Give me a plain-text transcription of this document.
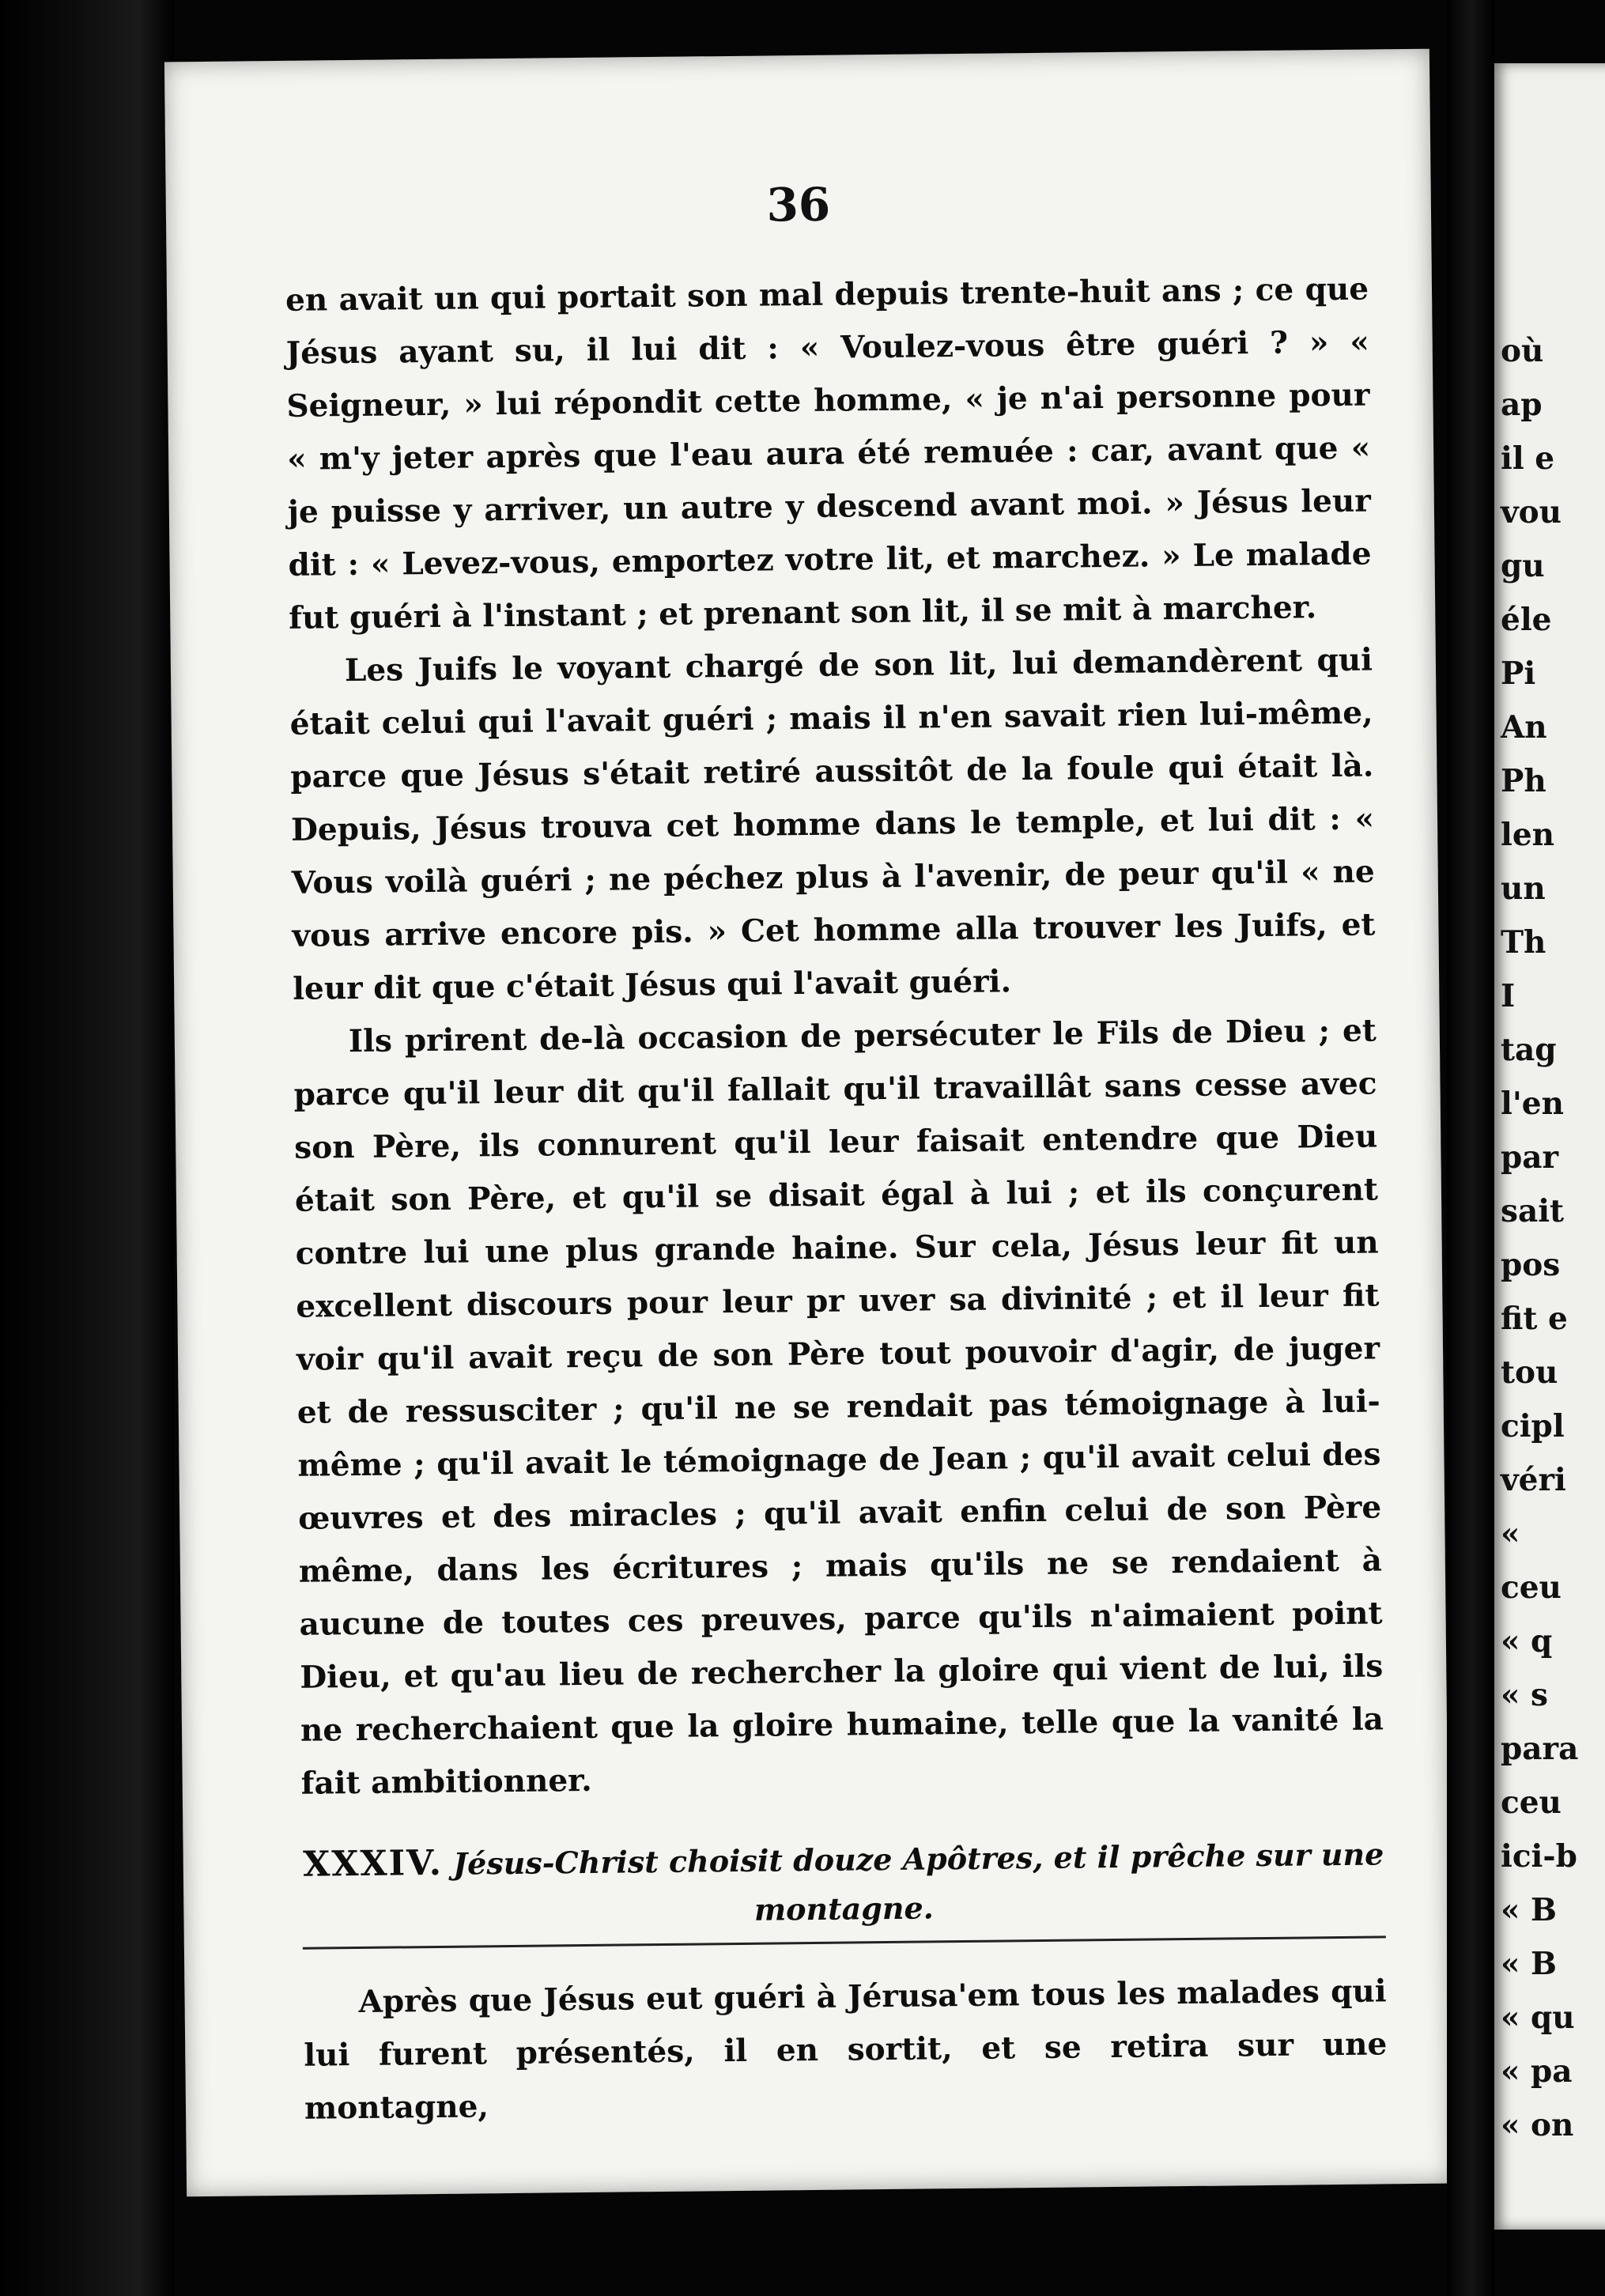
36

en avait un qui portait son mal depuis trente-huit ans ; ce que Jésus ayant su, il lui dit : « Voulez-vous être guéri ? » « Seigneur, » lui répondit cette homme, « je n'ai personne pour « m'y jeter après que l'eau aura été remuée : car, avant que « je puisse y arriver, un autre y descend avant moi. » Jésus leur dit : « Levez-vous, emportez votre lit, et marchez. » Le malade fut guéri à l'instant ; et prenant son lit, il se mit à marcher.

Les Juifs le voyant chargé de son lit, lui demandèrent qui était celui qui l'avait guéri ; mais il n'en savait rien lui-même, parce que Jésus s'était retiré aussitôt de la foule qui était là. Depuis, Jésus trouva cet homme dans le temple, et lui dit : « Vous voilà guéri ; ne péchez plus à l'avenir, de peur qu'il « ne vous arrive encore pis. » Cet homme alla trouver les Juifs, et leur dit que c'était Jésus qui l'avait guéri.

Ils prirent de-là occasion de persécuter le Fils de Dieu ; et parce qu'il leur dit qu'il fallait qu'il travaillât sans cesse avec son Père, ils connurent qu'il leur faisait entendre que Dieu était son Père, et qu'il se disait égal à lui ; et ils conçurent contre lui une plus grande haine. Sur cela, Jésus leur fit un excellent discours pour leur pr uver sa divinité ; et il leur fit voir qu'il avait reçu de son Père tout pouvoir d'agir, de juger et de ressusciter ; qu'il ne se rendait pas témoignage à lui-même ; qu'il avait le témoignage de Jean ; qu'il avait celui des œuvres et des miracles ; qu'il avait enfin celui de son Père même, dans les écritures ; mais qu'ils ne se rendaient à aucune de toutes ces preuves, parce qu'ils n'aimaient point Dieu, et qu'au lieu de rechercher la gloire qui vient de lui, ils ne recherchaient que la gloire humaine, telle que la vanité la fait ambitionner.

XXXIV. Jésus-Christ choisit douze Apôtres, et il prêche sur une montagne.

Après que Jésus eut guéri à Jérusa'em tous les malades qui lui furent présentés, il en sortit, et se retira sur une montagne,

où
ap
il e
vou
gu
éle
Pi
An
Ph
len
un
Th
I
tag
l'en
par
sait
pos
fit e
tou
cipl
véri
«
ceu
« q
« s
para
ceu
ici-b
« B
« B
« qu
« pa
« on
